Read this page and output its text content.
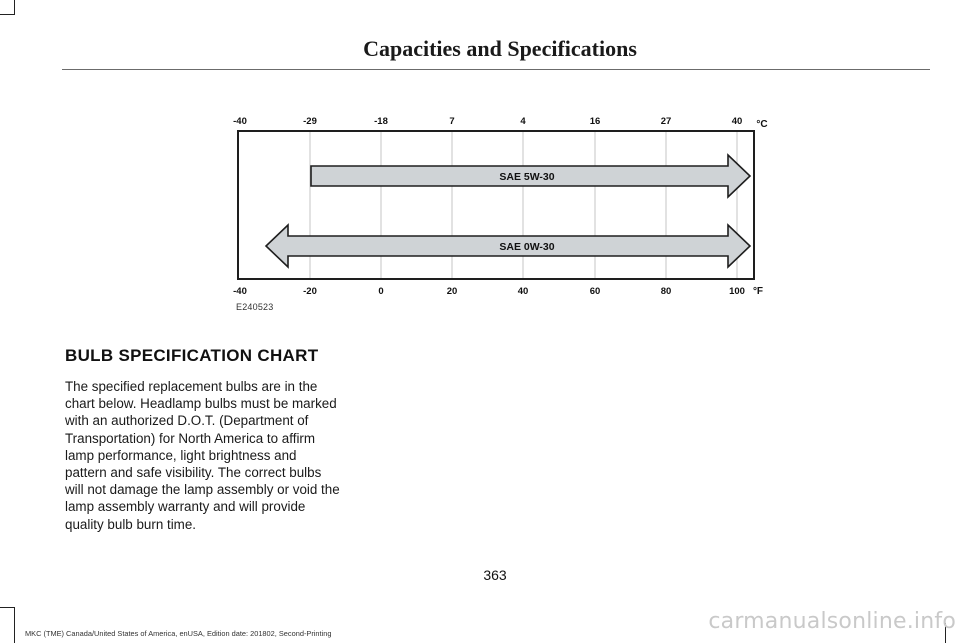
Capacities and Specifications
-40	-29	-18	7	4	16	27	40 °C
-40	-20	0	20	40	60	80	100 °F
SAE 5W-30
SAE 0W-30
E240523
BULB SPECIFICATION CHART

The specified replacement bulbs are in the chart below. Headlamp bulbs must be marked with an authorized D.O.T. (Department of Transportation) for North America to affirm lamp performance, light brightness and pattern and safe visibility. The correct bulbs will not damage the lamp assembly or void the lamp assembly warranty and will provide quality bulb burn time.

363
MKC (TME) Canada/United States of America, enUSA, Edition date: 201802, Second-Printing	carmanualsonline.info
